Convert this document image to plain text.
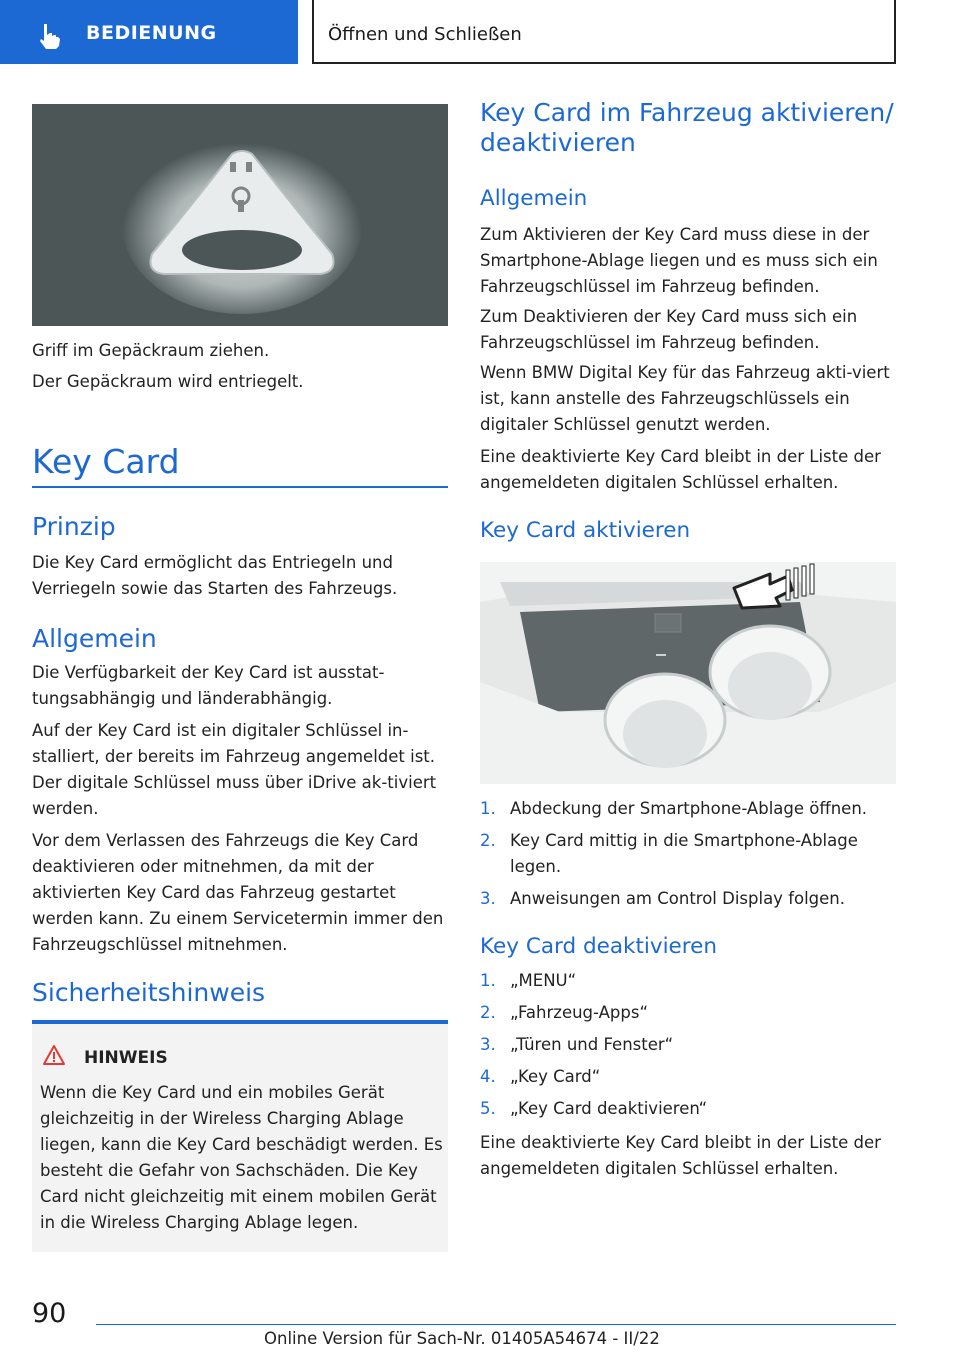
BEDIENUNG	Öffnen und Schließen
Griff im Gepäckraum ziehen.
Der Gepäckraum wird entriegelt.
Key Card
Prinzip
Die Key Card ermöglicht das Entriegeln und Verriegeln sowie das Starten des Fahrzeugs.
Allgemein
Die Verfügbarkeit der Key Card ist ausstat-tungsabhängig und länderabhängig.
Auf der Key Card ist ein digitaler Schlüssel in-stalliert, der bereits im Fahrzeug angemeldet ist. Der digitale Schlüssel muss über iDrive ak-tiviert werden.
Vor dem Verlassen des Fahrzeugs die Key Card deaktivieren oder mitnehmen, da mit der aktivierten Key Card das Fahrzeug gestartet werden kann. Zu einem Servicetermin immer den Fahrzeugschlüssel mitnehmen.
Sicherheitshinweis
HINWEIS
Wenn die Key Card und ein mobiles Gerät gleichzeitig in der Wireless Charging Ablage liegen, kann die Key Card beschädigt werden. Es besteht die Gefahr von Sachschäden. Die Key Card nicht gleichzeitig mit einem mobilen Gerät in die Wireless Charging Ablage legen.
Key Card im Fahrzeug aktivieren/ deaktivieren
Allgemein
Zum Aktivieren der Key Card muss diese in der Smartphone-Ablage liegen und es muss sich ein Fahrzeugschlüssel im Fahrzeug befinden.
Zum Deaktivieren der Key Card muss sich ein Fahrzeugschlüssel im Fahrzeug befinden.
Wenn BMW Digital Key für das Fahrzeug akti-viert ist, kann anstelle des Fahrzeugschlüssels ein digitaler Schlüssel genutzt werden.
Eine deaktivierte Key Card bleibt in der Liste der angemeldeten digitalen Schlüssel erhalten.
Key Card aktivieren
1. Abdeckung der Smartphone-Ablage öffnen.
2. Key Card mittig in die Smartphone-Ablage legen.
3. Anweisungen am Control Display folgen.
Key Card deaktivieren
1. „MENU“
2. „Fahrzeug-Apps“
3. „Türen und Fenster“
4. „Key Card“
5. „Key Card deaktivieren“
Eine deaktivierte Key Card bleibt in der Liste der angemeldeten digitalen Schlüssel erhalten.
90
Online Version für Sach-Nr. 01405A54674 - II/22
